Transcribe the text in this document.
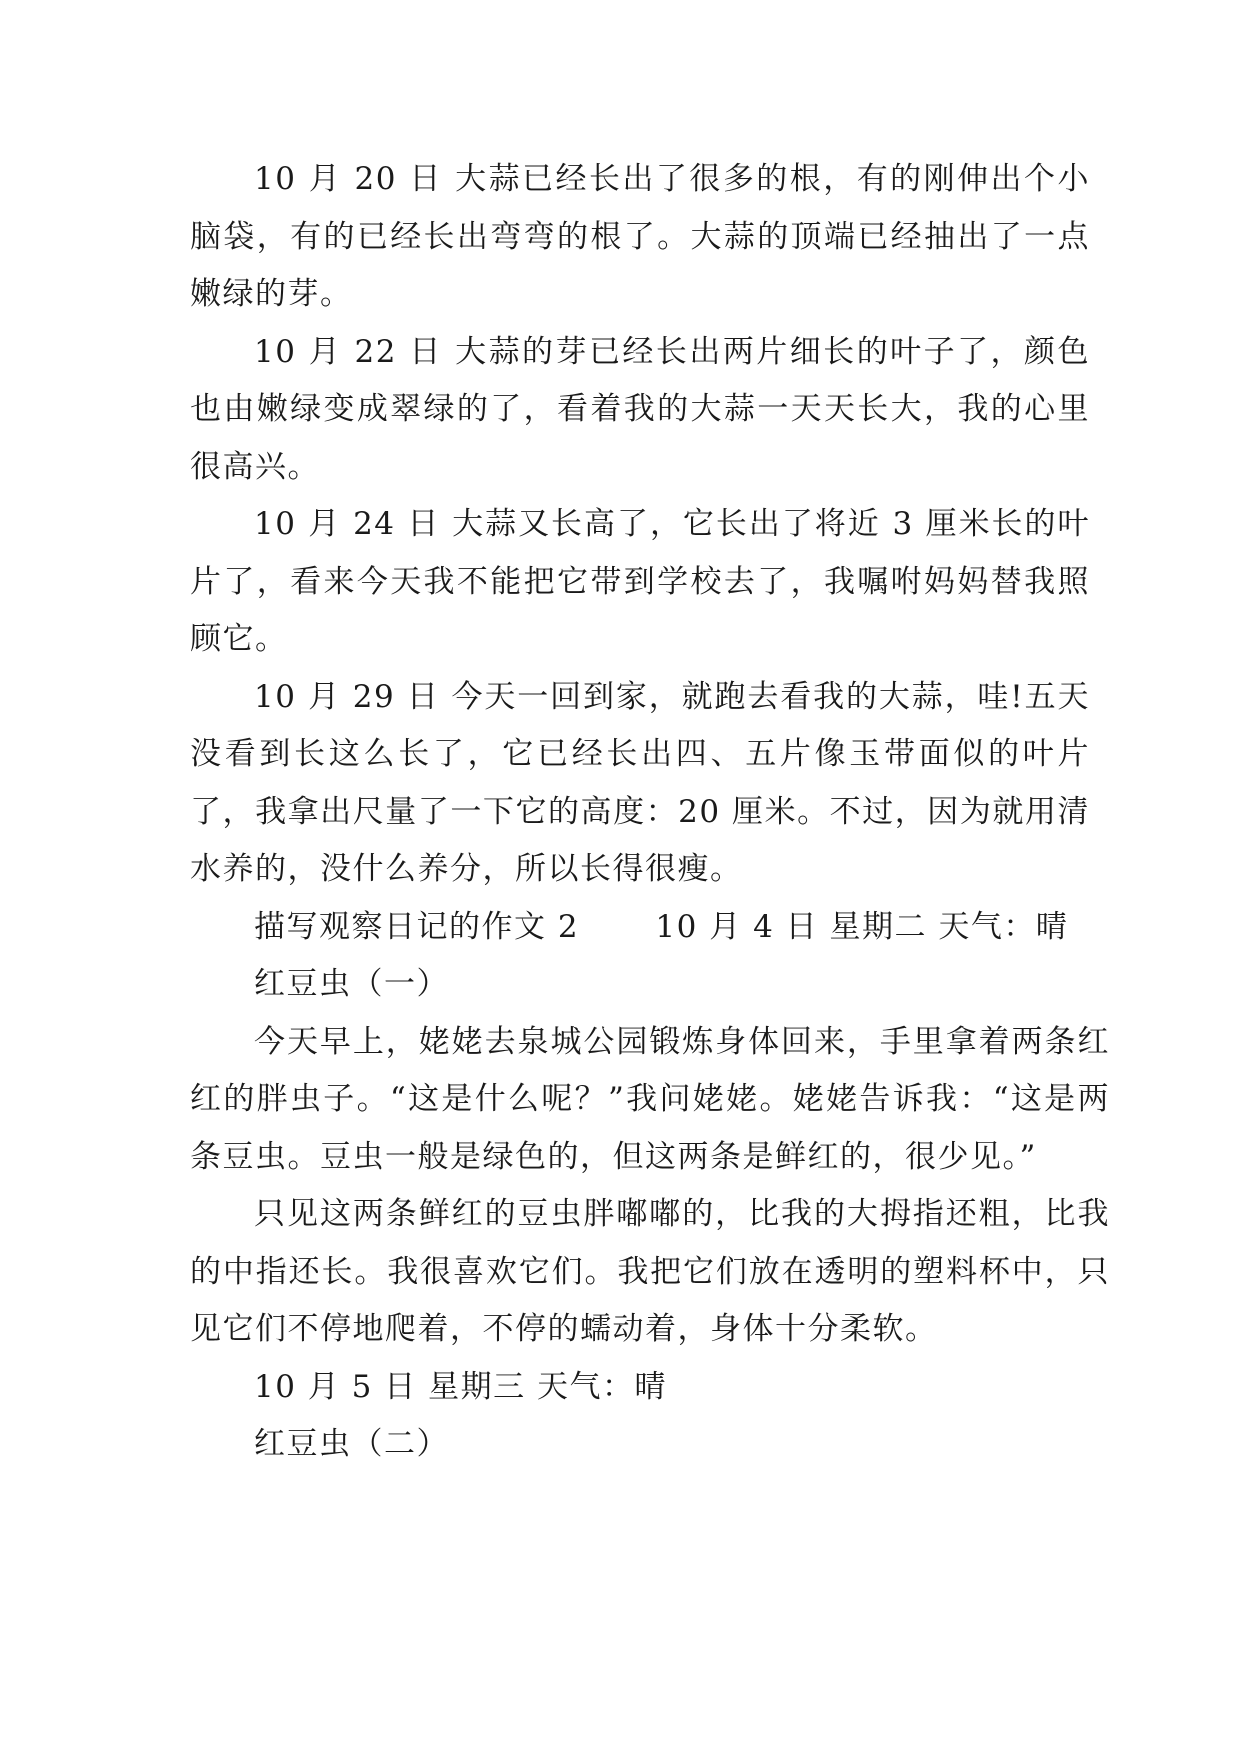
10 月 20 日 大蒜已经长出了很多的根，有的刚伸出个小脑袋，有的已经长出弯弯的根了。大蒜的顶端已经抽出了一点嫩绿的芽。

10 月 22 日 大蒜的芽已经长出两片细长的叶子了，颜色也由嫩绿变成翠绿的了，看着我的大蒜一天天长大，我的心里很高兴。

10 月 24 日 大蒜又长高了，它长出了将近 3 厘米长的叶片了，看来今天我不能把它带到学校去了，我嘱咐妈妈替我照顾它。

10 月 29 日 今天一回到家，就跑去看我的大蒜，哇!五天没看到长这么长了，它已经长出四、五片像玉带面似的叶片了，我拿出尺量了一下它的高度：20 厘米。不过，因为就用清水养的，没什么养分，所以长得很瘦。

描写观察日记的作文 2　　 10 月 4 日 星期二 天气：晴

红豆虫（一）

今天早上，姥姥去泉城公园锻炼身体回来，手里拿着两条红红的胖虫子。“这是什么呢？”我问姥姥。姥姥告诉我：“这是两条豆虫。豆虫一般是绿色的，但这两条是鲜红的，很少见。”

只见这两条鲜红的豆虫胖嘟嘟的，比我的大拇指还粗，比我的中指还长。我很喜欢它们。我把它们放在透明的塑料杯中，只见它们不停地爬着，不停的蠕动着，身体十分柔软。

10 月 5 日 星期三 天气：晴

红豆虫（二）
